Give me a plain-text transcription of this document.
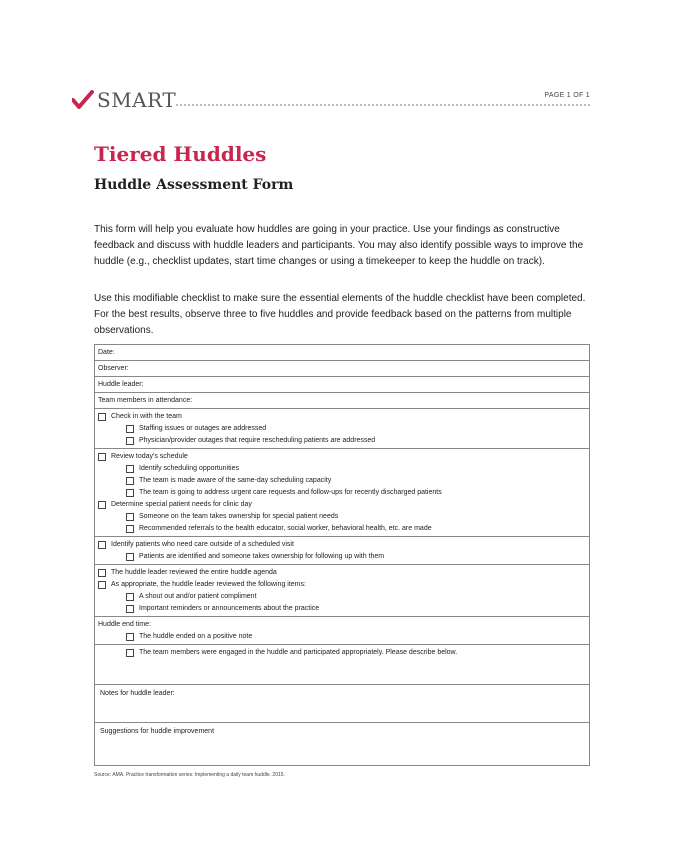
SMART	PAGE 1 OF 1
Tiered Huddles
Huddle Assessment Form

This form will help you evaluate how huddles are going in your practice. Use your findings as constructive feedback and discuss with huddle leaders and participants. You may also identify possible ways to improve the huddle (e.g., checklist updates, start time changes or using a timekeeper to keep the huddle on track).

Use this modifiable checklist to make sure the essential elements of the huddle checklist have been completed. For the best results, observe three to five huddles and provide feedback based on the patterns from multiple observations.

Date:
Observer:
Huddle leader:
Team members in attendance:
Check in with the team
Staffing issues or outages are addressed
Physician/provider outages that require rescheduling patients are addressed
Review today's schedule
Identify scheduling opportunities
The team is made aware of the same-day scheduling capacity
The team is going to address urgent care requests and follow-ups for recently discharged patients
Determine special patient needs for clinic day
Someone on the team takes ownership for special patient needs
Recommended referrals to the health educator, social worker, behavioral health, etc. are made
Identify patients who need care outside of a scheduled visit
Patients are identified and someone takes ownership for following up with them
The huddle leader reviewed the entire huddle agenda
As appropriate, the huddle leader reviewed the following items:
A shout out and/or patient compliment
Important reminders or announcements about the practice
Huddle end time:
The huddle ended on a positive note
The team members were engaged in the huddle and participated appropriately. Please describe below.
Notes for huddle leader:
Suggestions for huddle improvement
Source: AMA. Practice transformation series: Implementing a daily team huddle. 2015.
